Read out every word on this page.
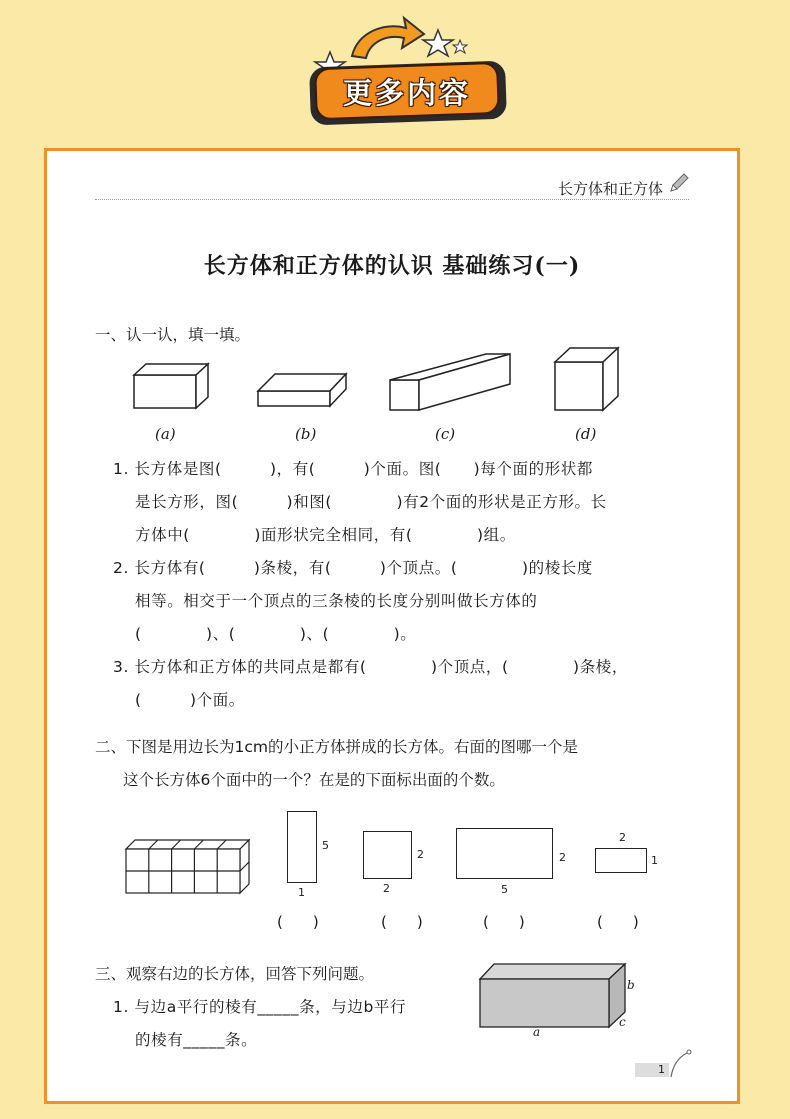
更多内容
长方体和正方体
长方体和正方体的认识 基础练习(一)
一、认一认，填一填。
(a)	(b)	(c)	(d)
1. 长方体是图(　　　)，有(　　　)个面。图(　　)每个面的形状都
是长方形，图(　　　)和图(　　　　)有2个面的形状是正方形。长
方体中(　　　　)面形状完全相同，有(　　　　)组。
2. 长方体有(　　　)条棱，有(　　　)个顶点。(　　　　)的棱长度
相等。相交于一个顶点的三条棱的长度分别叫做长方体的
(　　　　)、(　　　　)、(　　　　)。
3. 长方体和正方体的共同点是都有(　　　　)个顶点，(　　　　)条棱，
(　　　)个面。
二、下图是用边长为1cm的小正方体拼成的长方体。右面的图哪一个是
这个长方体6个面中的一个？在是的下面标出面的个数。
5
1
2
2
2
5
1
2
(　　)	(　　)	(　　)	(　　)
三、观察右边的长方体，回答下列问题。
1. 与边a平行的棱有_____条，与边b平行
的棱有_____条。
b
c
a
1
